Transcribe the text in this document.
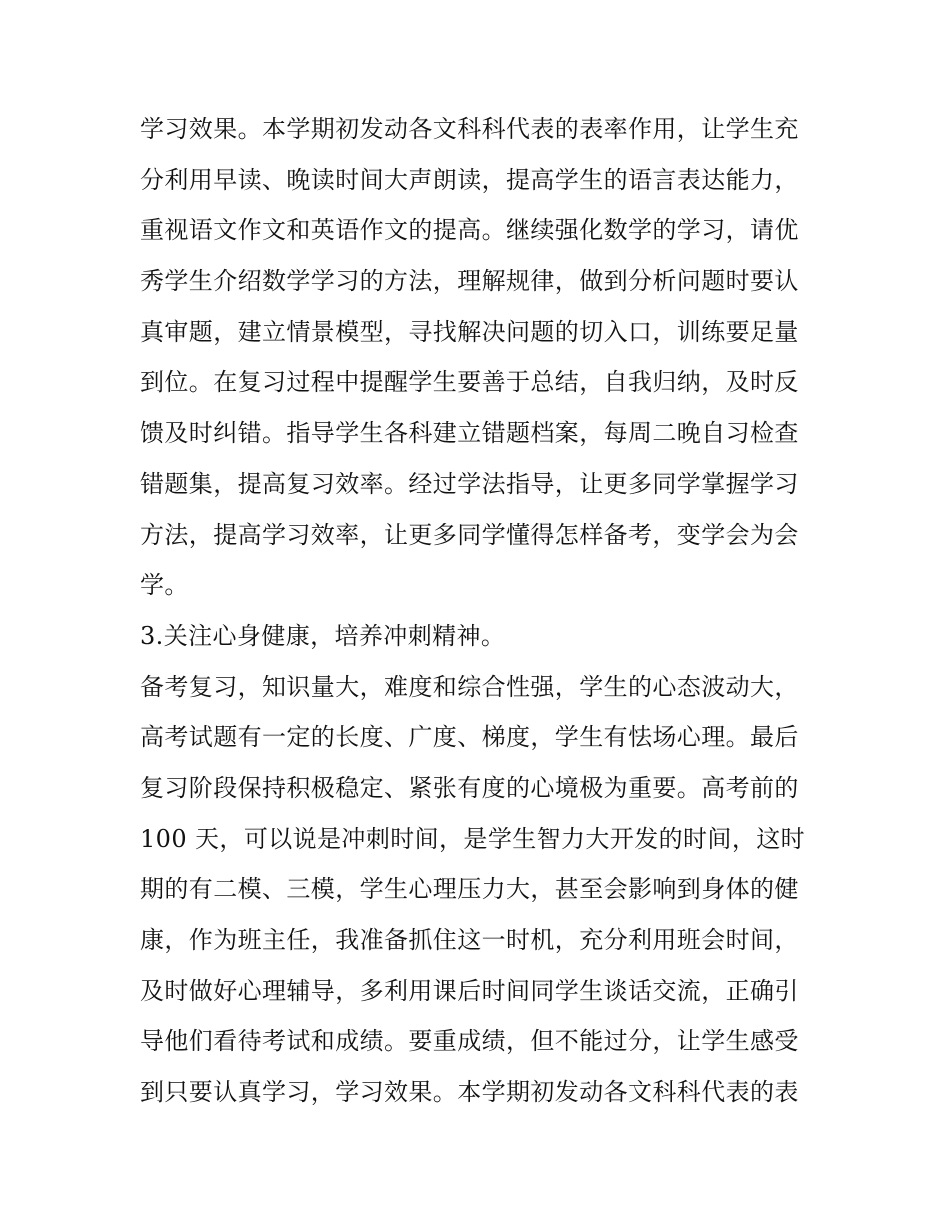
学习效果。本学期初发动各文科科代表的表率作用，让学生充
分利用早读、晚读时间大声朗读，提高学生的语言表达能力，
重视语文作文和英语作文的提高。继续强化数学的学习，请优
秀学生介绍数学学习的方法，理解规律，做到分析问题时要认
真审题，建立情景模型，寻找解决问题的切入口，训练要足量
到位。在复习过程中提醒学生要善于总结，自我归纳，及时反
馈及时纠错。指导学生各科建立错题档案，每周二晚自习检查
错题集，提高复习效率。经过学法指导，让更多同学掌握学习
方法，提高学习效率，让更多同学懂得怎样备考，变学会为会
学。
3.关注心身健康，培养冲刺精神。
备考复习，知识量大，难度和综合性强，学生的心态波动大，
高考试题有一定的长度、广度、梯度，学生有怯场心理。最后
复习阶段保持积极稳定、紧张有度的心境极为重要。高考前的
100 天，可以说是冲刺时间，是学生智力大开发的时间，这时
期的有二模、三模，学生心理压力大，甚至会影响到身体的健
康，作为班主任，我准备抓住这一时机，充分利用班会时间，
及时做好心理辅导，多利用课后时间同学生谈话交流，正确引
导他们看待考试和成绩。要重成绩，但不能过分，让学生感受
到只要认真学习，学习效果。本学期初发动各文科科代表的表
